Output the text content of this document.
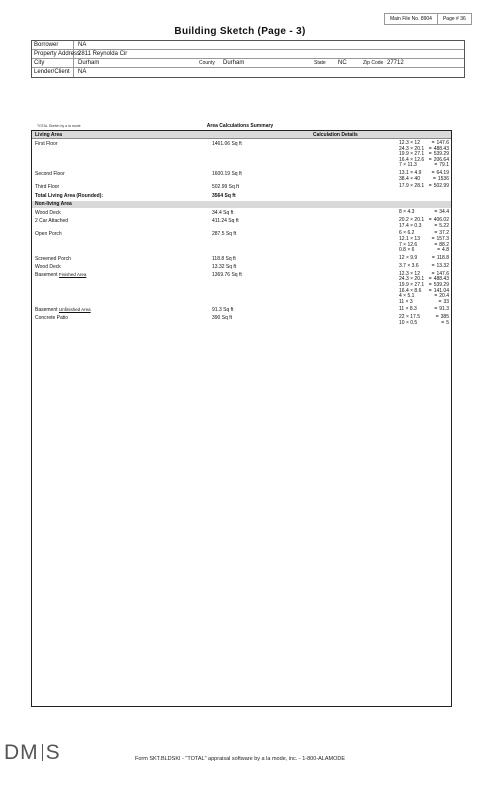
Main File No. 8904	Page # 36
Building Sketch (Page - 3)
Borrower	NA
Property Address
2811 Reynolda Cir
City	Durham	County	Durham	State	NC	Zip Code 27712
Lender/Client	NA
TOTAL Sketch by a la mode	Area Calculations Summary
Living Area	Calculation Details
First Floor	1461.06 Sq ft	12.3 × 12 = 147.6
24.3 × 20.1 = 488.43
19.9 × 27.1 = 539.29
16.4 × 12.6 = 206.64
7 × 11.3	= 79.1
Second Floor	1600.19 Sq ft	13.1 × 4.9 = 64.19
38.4 × 40	= 1536
Third Floor	502.99 Sq ft	17.9 × 28.1 = 502.99
Total Living Area (Rounded):	3564 Sq ft
Non-living Area
Wood Deck	34.4 Sq ft	8 × 4.3	= 34.4
2 Car Attached	411.24 Sq ft	20.2 × 20.1 = 406.02
17.4 × 0.3	= 5.22
Open Porch	287.5 Sq ft	6 × 6.2	= 37.2
12.1 × 13 = 157.3
7 × 12.6	= 88.2
0.8 × 6	= 4.8
Screened Porch	118.8 Sq ft	12 × 9.9	= 118.8
Wood Deck	13.32 Sq ft	3.7 × 3.6	= 13.32
Basement Finished Area	1369.76 Sq ft	12.3 × 12 = 147.6
24.3 × 20.1 = 488.43
19.9 × 27.1 = 539.29
16.4 × 8.6 = 141.04
4 × 5.1	= 20.4
11 × 3	= 33
Basement Unfinished Area	91.3 Sq ft	11 × 8.3	= 91.3
Concrete Patio	390 Sq ft	22 × 17.5	= 385
10 × 0.5	= 5
DM S	Form SKT.BLDSKI - "TOTAL" appraisal software by a la mode, inc. - 1-800-ALAMODE
